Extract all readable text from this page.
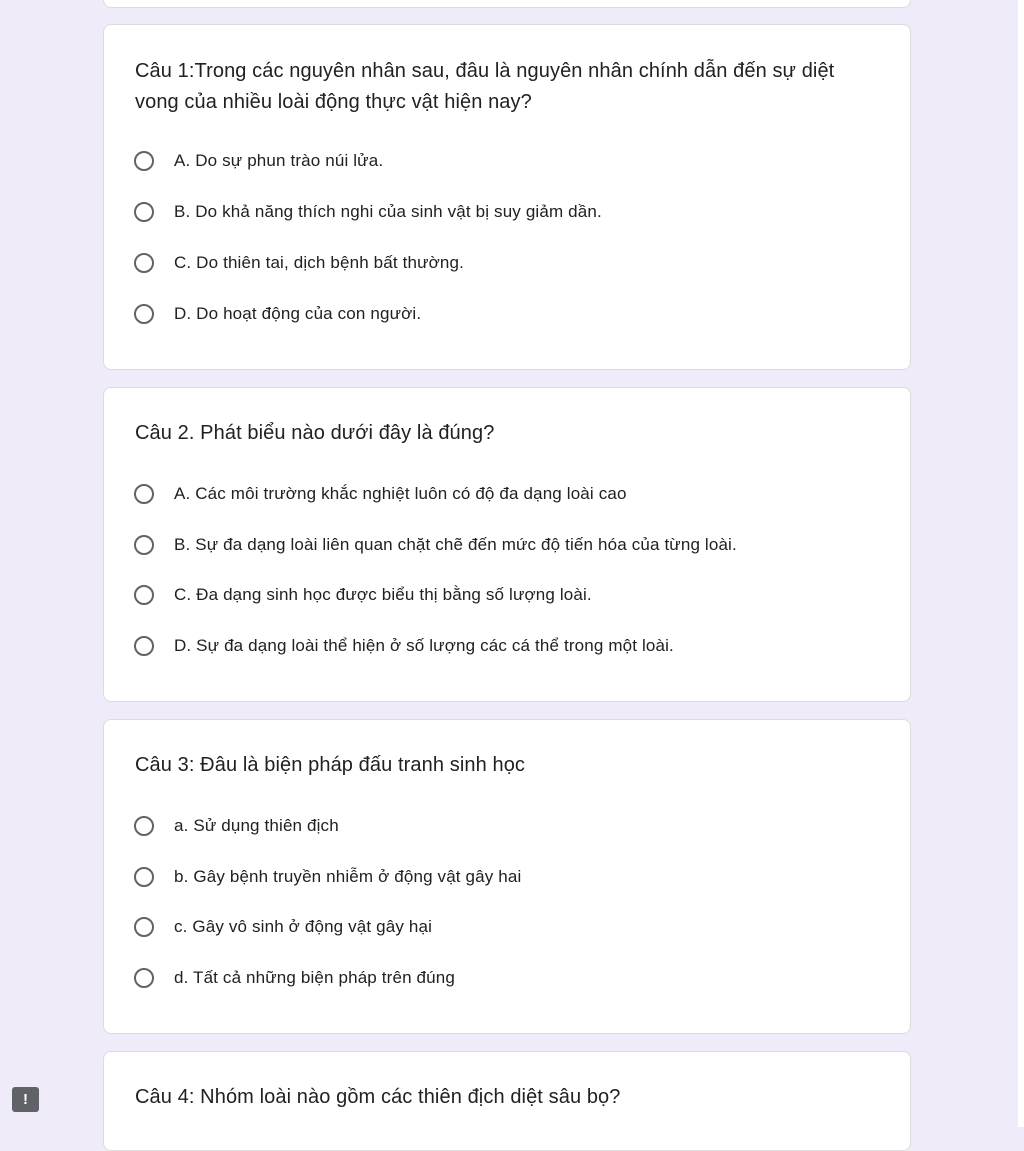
Câu 1:Trong các nguyên nhân sau, đâu là nguyên nhân chính dẫn đến sự diệt vong của nhiều loài động thực vật hiện nay?
A. Do sự phun trào núi lửa.
B. Do khả năng thích nghi của sinh vật bị suy giảm dần.
C. Do thiên tai, dịch bệnh bất thường.
D. Do hoạt động của con người.
Câu 2. Phát biểu nào dưới đây là đúng?
A. Các môi trường khắc nghiệt luôn có độ đa dạng loài cao
B. Sự đa dạng loài liên quan chặt chẽ đến mức độ tiến hóa của từng loài.
C. Đa dạng sinh học được biểu thị bằng số lượng loài.
D. Sự đa dạng loài thể hiện ở số lượng các cá thể trong một loài.
Câu 3: Đâu là biện pháp đấu tranh sinh học
a. Sử dụng thiên địch
b. Gây bệnh truyền nhiễm ở động vật gây hai
c. Gây vô sinh ở động vật gây hại
d. Tất cả những biện pháp trên đúng
Câu 4: Nhóm loài nào gồm các thiên địch diệt sâu bọ?
!
